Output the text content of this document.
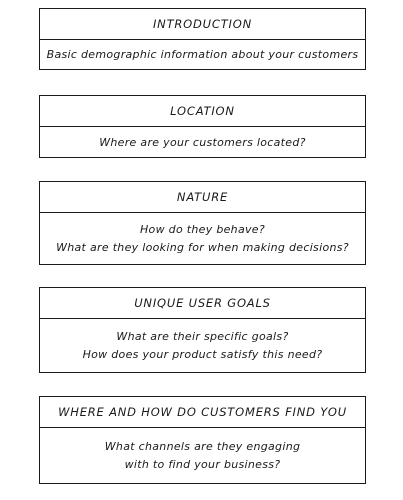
INTRODUCTION
Basic demographic information about your customers
LOCATION
Where are your customers located?
NATURE
How do they behave?
What are they looking for when making decisions?
UNIQUE USER GOALS
What are their specific goals?
How does your product satisfy this need?
WHERE AND HOW DO CUSTOMERS FIND YOU
What channels are they engaging
with to find your business?
